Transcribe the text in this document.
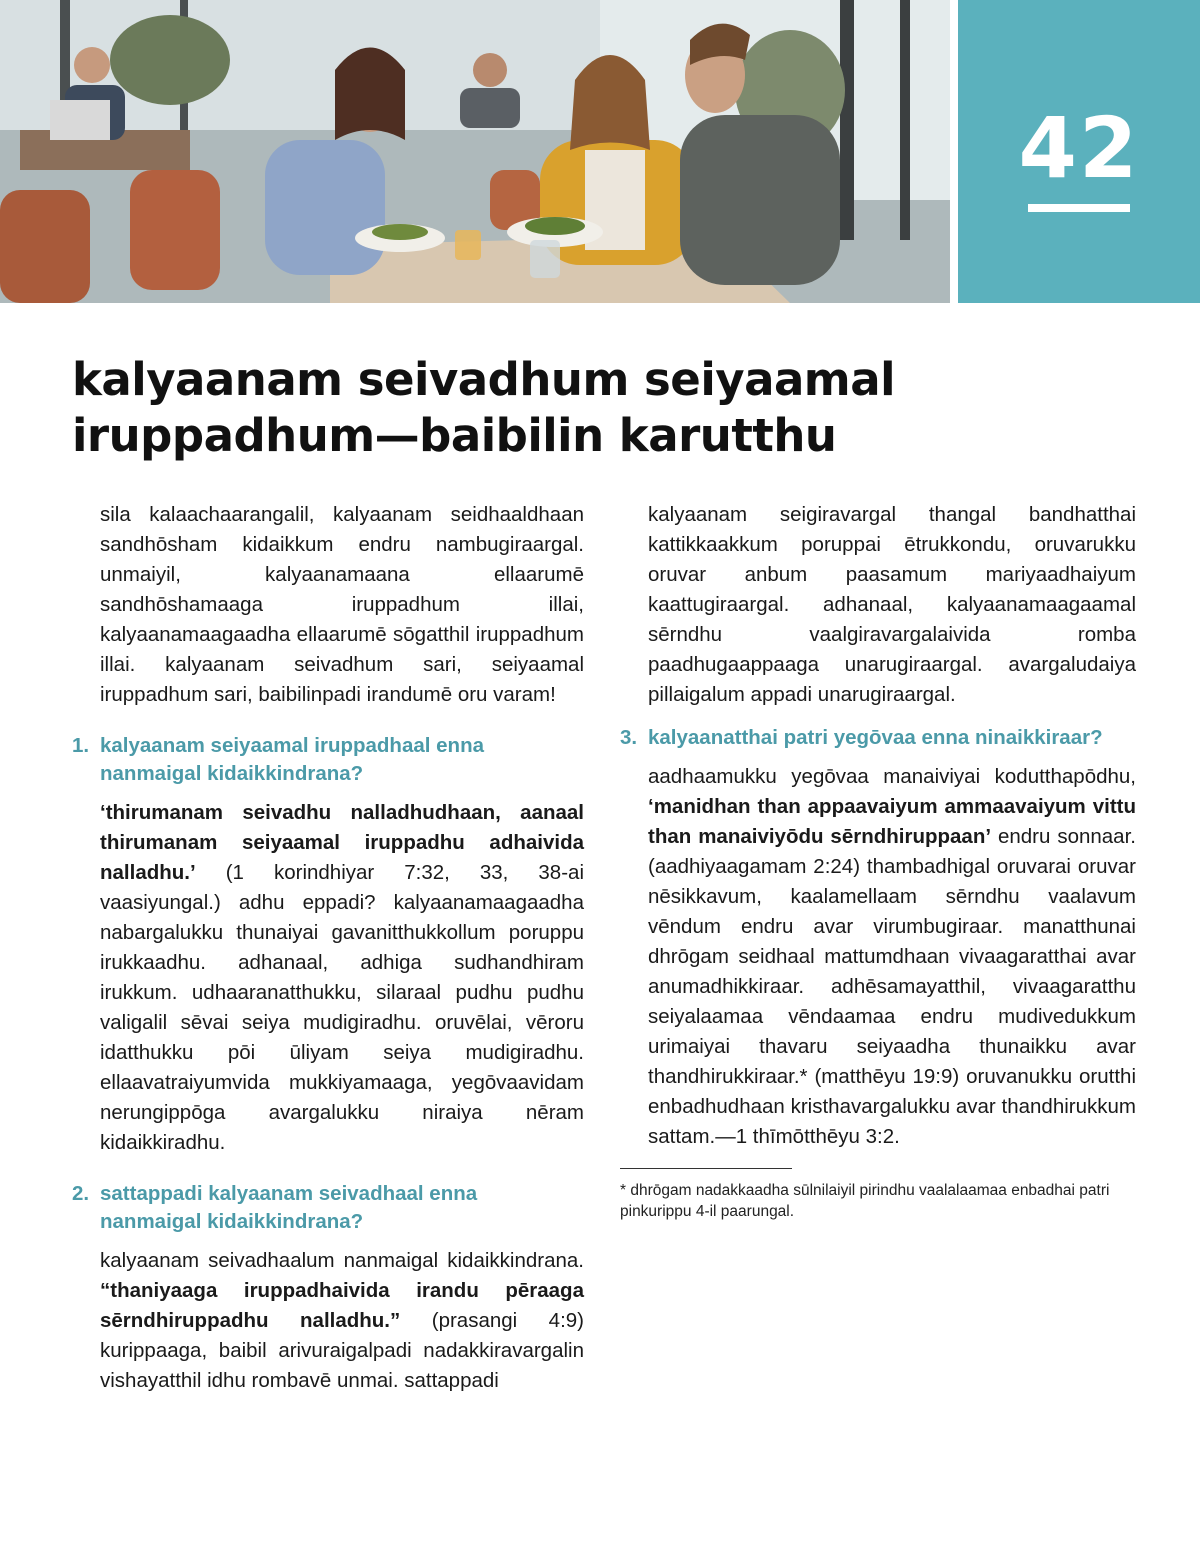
42
kalyaanam seivadhum seiyaamal
iruppadhum—baibilin karutthu

sila kalaachaarangalil, kalyaanam seidhaaldhaan sandhōsham kidaikkum endru nambugiraargal. unmaiyil, kalyaanamaana ellaarumē sandhōshamaaga iruppadhum illai, kalyaanamaagaadha ellaarumē sōgatthil iruppadhum illai. kalyaanam seivadhum sari, seiyaamal iruppadhum sari, baibilinpadi irandumē oru varam!

1. kalyaanam seiyaamal iruppadhaal enna nanmaigal kidaikkindrana?

‘thirumanam seivadhu nalladhudhaan, aanaal thirumanam seiyaamal iruppadhu adhaivida nalladhu.’ (1 korindhiyar 7:32, 33, 38-ai vaasiyungal.) adhu eppadi? kalyaanamaagaadha nabargalukku thunaiyai gavanitthukkollum poruppu irukkaadhu. adhanaal, adhiga sudhandhiram irukkum. udhaaranatthukku, silaraal pudhu pudhu valigalil sēvai seiya mudigiradhu. oruvēlai, vēroru idatthukku pōi ūliyam seiya mudigiradhu. ellaavatraiyumvida mukkiyamaaga, yegōvaavidam nerungippōga avargalukku niraiya nēram kidaikkiradhu.

2. sattappadi kalyaanam seivadhaal enna nanmaigal kidaikkindrana?

kalyaanam seivadhaalum nanmaigal kidaikkindrana. “thaniyaaga iruppadhaivida irandu pēraaga sērndhiruppadhu nalladhu.” (prasangi 4:9) kurippaaga, baibil arivuraigalpadi nadakkiravargalin vishayatthil idhu rombavē unmai. sattappadi

3. kalyaanatthai patri yegōvaa enna ninaikkiraar?

aadhaamukku yegōvaa manaiviyai kodutthapōdhu, ‘manidhan than appaavaiyum ammaavaiyum vittu than manaiviyōdu sērndhiruppaan’ endru sonnaar. (aadhiyaagamam 2:24) thambadhigal oruvarai oruvar nēsikkavum, kaalamellaam sērndhu vaalavum vēndum endru avar virumbugiraar. manatthunai dhrōgam seidhaal mattumdhaan vivaagaratthai avar anumadhikkiraar. adhēsamayatthil, vivaagaratthu seiyalaamaa vēndaamaa endru mudivedukkum urimaiyai thavaru seiyaadha thunaikku avar thandhirukkiraar.* (matthēyu 19:9) oruvanukku orutthi enbadhudhaan kristhavargalukku avar thandhirukkum sattam.—1 thīmōtthēyu 3:2.

* dhrōgam nadakkaadha sūlnilaiyil pirindhu vaalalaamaa enbadhai patri pinkurippu 4-il paarungal.

kalyaanam seigiravargal thangal bandhatthai kattikkaakkum poruppai ētrukkondu, oruvarukku oruvar anbum paasamum mariyaadhaiyum kaattugiraargal. adhanaal, kalyaanamaagaamal sērndhu vaalgiravargalaivida romba paadhugaappaaga unarugiraargal. avargaludaiya pillaigalum appadi unarugiraargal.
